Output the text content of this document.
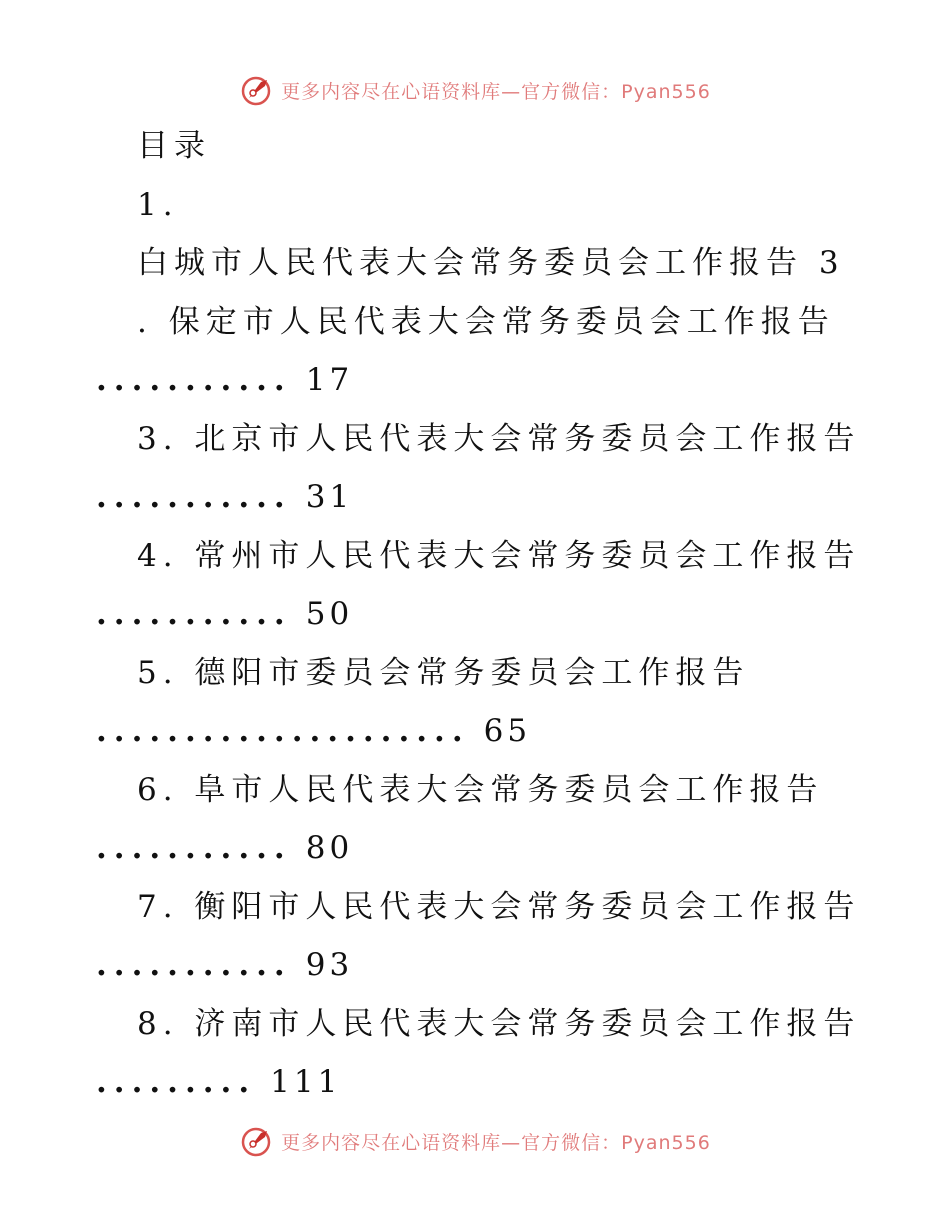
更多内容尽在心语资料库—官方微信：Pyan556
目录
1.
白城市人民代表大会常务委员会工作报告 3
. 保定市人民代表大会常务委员会工作报告
........... 17
3. 北京市人民代表大会常务委员会工作报告
........... 31
4. 常州市人民代表大会常务委员会工作报告
........... 50
5. 德阳市委员会常务委员会工作报告
..................... 65
6. 阜市人民代表大会常务委员会工作报告
........... 80
7. 衡阳市人民代表大会常务委员会工作报告
........... 93
8. 济南市人民代表大会常务委员会工作报告
......... 111
更多内容尽在心语资料库—官方微信：Pyan556
